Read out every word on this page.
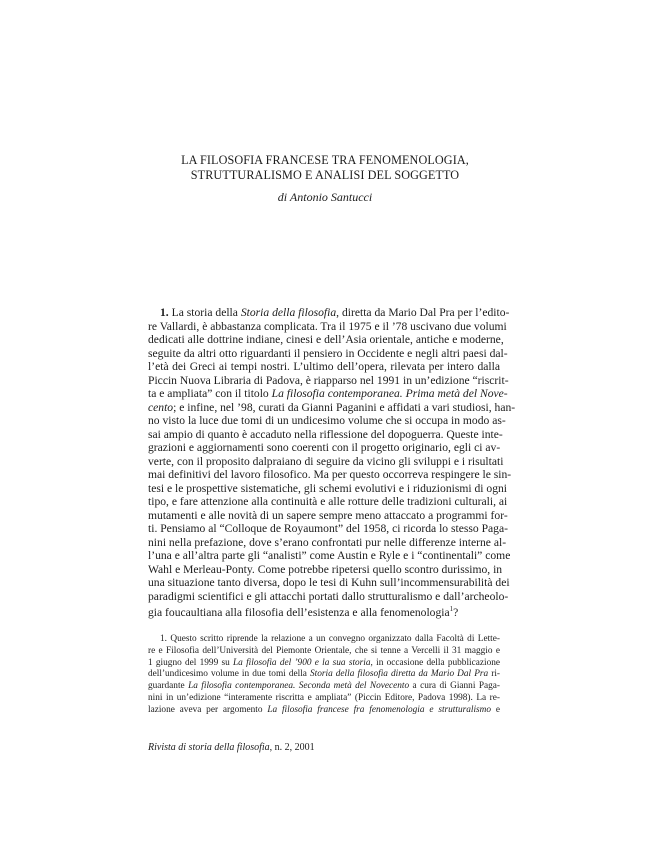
LA FILOSOFIA FRANCESE TRA FENOMENOLOGIA,
STRUTTURALISMO E ANALISI DEL SOGGETTO
di Antonio Santucci
1. La storia della Storia della filosofia, diretta da Mario Dal Pra per l’edito-
re Vallardi, è abbastanza complicata. Tra il 1975 e il ’78 uscivano due volumi
dedicati alle dottrine indiane, cinesi e dell’Asia orientale, antiche e moderne,
seguite da altri otto riguardanti il pensiero in Occidente e negli altri paesi dal-
l’età dei Greci ai tempi nostri. L’ultimo dell’opera, rilevata per intero dalla
Piccin Nuova Libraria di Padova, è riapparso nel 1991 in un’edizione “riscrit-
ta e ampliata” con il titolo La filosofia contemporanea. Prima metà del Nove-
cento; e infine, nel ’98, curati da Gianni Paganini e affidati a vari studiosi, han-
no visto la luce due tomi di un undicesimo volume che si occupa in modo as-
sai ampio di quanto è accaduto nella riflessione del dopoguerra. Queste inte-
grazioni e aggiornamenti sono coerenti con il progetto originario, egli ci av-
verte, con il proposito dalpraiano di seguire da vicino gli sviluppi e i risultati
mai definitivi del lavoro filosofico. Ma per questo occorreva respingere le sin-
tesi e le prospettive sistematiche, gli schemi evolutivi e i riduzionismi di ogni
tipo, e fare attenzione alla continuità e alle rotture delle tradizioni culturali, ai
mutamenti e alle novità di un sapere sempre meno attaccato a programmi for-
ti. Pensiamo al “Colloque de Royaumont” del 1958, ci ricorda lo stesso Paga-
nini nella prefazione, dove s’erano confrontati pur nelle differenze interne al-
l’una e all’altra parte gli “analisti” come Austin e Ryle e i “continentali” come
Wahl e Merleau-Ponty. Come potrebbe ripetersi quello scontro durissimo, in
una situazione tanto diversa, dopo le tesi di Kuhn sull’incommensurabilità dei
paradigmi scientifici e gli attacchi portati dallo strutturalismo e dall’archeolo-
gia foucaultiana alla filosofia dell’esistenza e alla fenomenologia$^1$?
1. Questo scritto riprende la relazione a un convegno organizzato dalla Facoltà di Lette-
re e Filosofia dell’Università del Piemonte Orientale, che si tenne a Vercelli il 31 maggio e
1 giugno del 1999 su La filosofia del ’900 e la sua storia, in occasione della pubblicazione
dell’undicesimo volume in due tomi della Storia della filosofia diretta da Mario Dal Pra ri-
guardante La filosofia contemporanea. Seconda metà del Novecento a cura di Gianni Paga-
nini in un’edizione “interamente riscritta e ampliata” (Piccin Editore, Padova 1998). La re-
lazione aveva per argomento La filosofia francese fra fenomenologia e strutturalismo e
Rivista di storia della filosofia, n. 2, 2001
